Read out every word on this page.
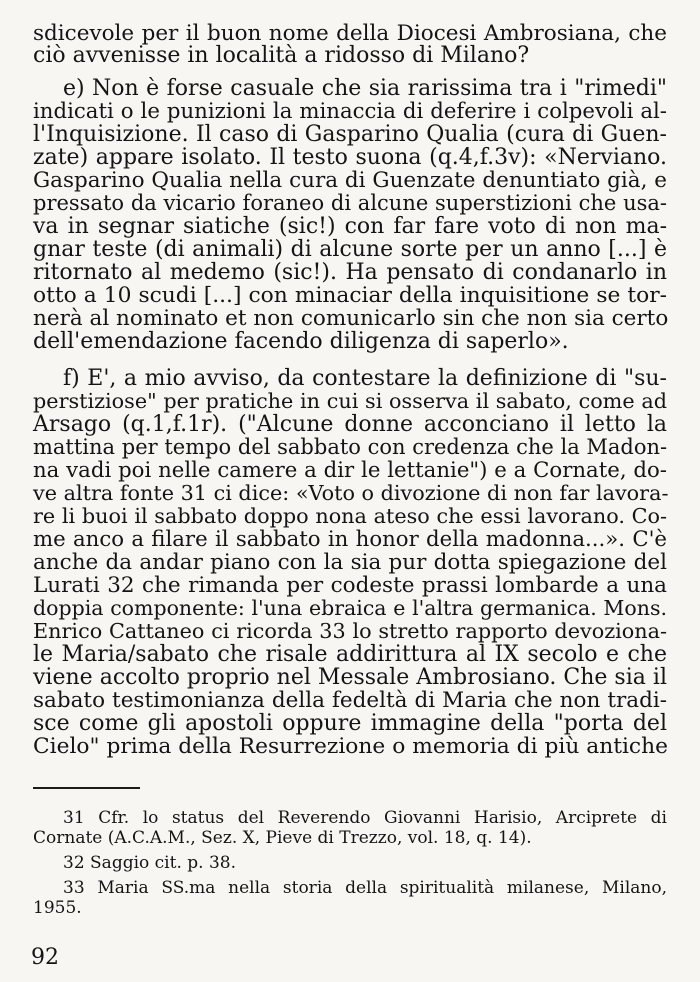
sdicevole per il buon nome della Diocesi Ambrosiana, che
ciò avvenisse in località a ridosso di Milano?
e) Non è forse casuale che sia rarissima tra i "rimedi"
indicati o le punizioni la minaccia di deferire i colpevoli al-
l'Inquisizione. Il caso di Gasparino Qualia (cura di Guen-
zate) appare isolato. Il testo suona (q.4,f.3v): «Nerviano.
Gasparino Qualia nella cura di Guenzate denuntiato già, e
pressato da vicario foraneo di alcune superstizioni che usa-
va in segnar siatiche (sic!) con far fare voto di non ma-
gnar teste (di animali) di alcune sorte per un anno [...] è
ritornato al medemo (sic!). Ha pensato di condanarlo in
otto a 10 scudi [...] con minaciar della inquisitione se tor-
nerà al nominato et non comunicarlo sin che non sia certo
dell'emendazione facendo diligenza di saperlo».
f) E', a mio avviso, da contestare la definizione di "su-
perstiziose" per pratiche in cui si osserva il sabato, come ad
Arsago (q.1,f.1r). ("Alcune donne acconciano il letto la
mattina per tempo del sabbato con credenza che la Madon-
na vadi poi nelle camere a dir le lettanie") e a Cornate, do-
ve altra fonte 31 ci dice: «Voto o divozione di non far lavora-
re li buoi il sabbato doppo nona ateso che essi lavorano. Co-
me anco a filare il sabbato in honor della madonna...». C'è
anche da andar piano con la sia pur dotta spiegazione del
Lurati 32 che rimanda per codeste prassi lombarde a una
doppia componente: l'una ebraica e l'altra germanica. Mons.
Enrico Cattaneo ci ricorda 33 lo stretto rapporto devoziona-
le Maria/sabato che risale addirittura al IX secolo e che
viene accolto proprio nel Messale Ambrosiano. Che sia il
sabato testimonianza della fedeltà di Maria che non tradi-
sce come gli apostoli oppure immagine della "porta del
Cielo" prima della Resurrezione o memoria di più antiche
31 Cfr. lo status del Reverendo Giovanni Harisio, Arciprete di
Cornate (A.C.A.M., Sez. X, Pieve di Trezzo, vol. 18, q. 14).
32 Saggio cit. p. 38.
33 Maria SS.ma nella storia della spiritualità milanese, Milano,
1955.
92
